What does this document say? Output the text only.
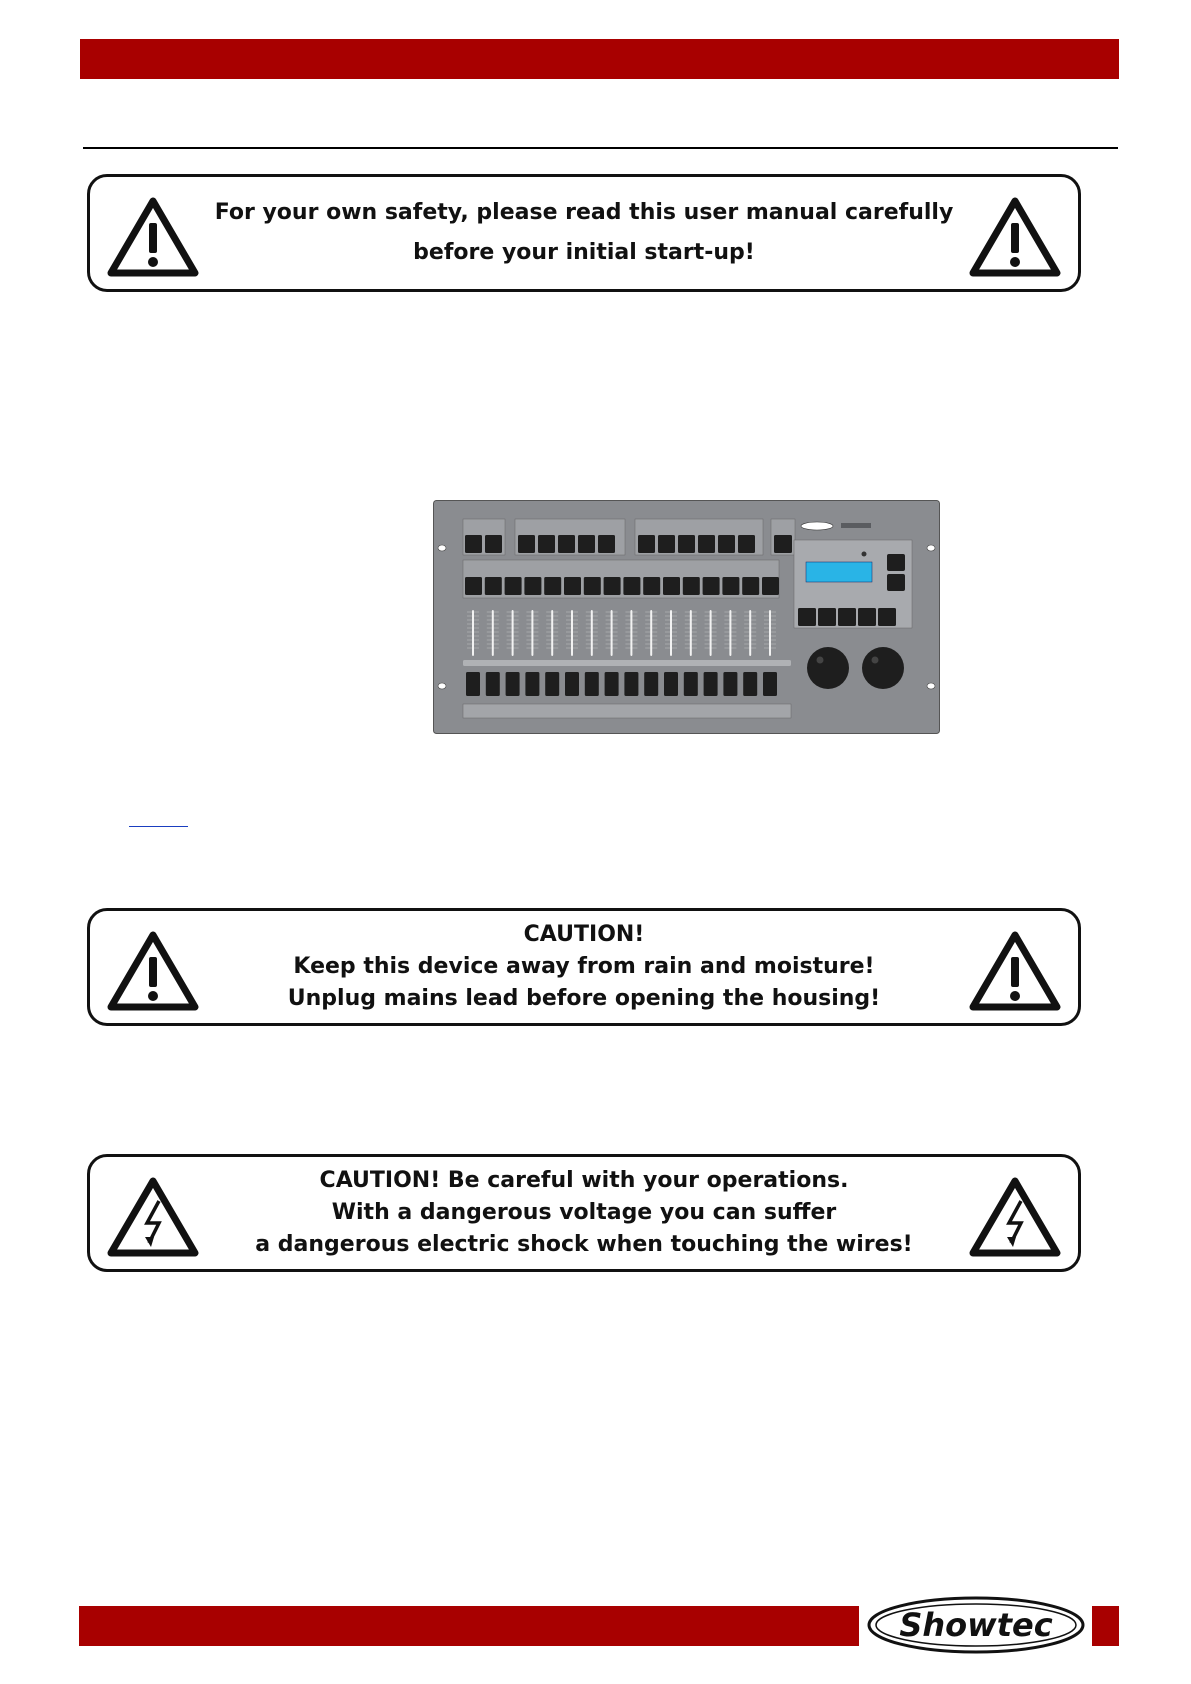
For your own safety, please read this user manual carefully
before your initial start-up!
CAUTION!
Keep this device away from rain and moisture!
Unplug mains lead before opening the housing!
CAUTION! Be careful with your operations.
With a dangerous voltage you can suffer
a dangerous electric shock when touching the wires!
Showtec
